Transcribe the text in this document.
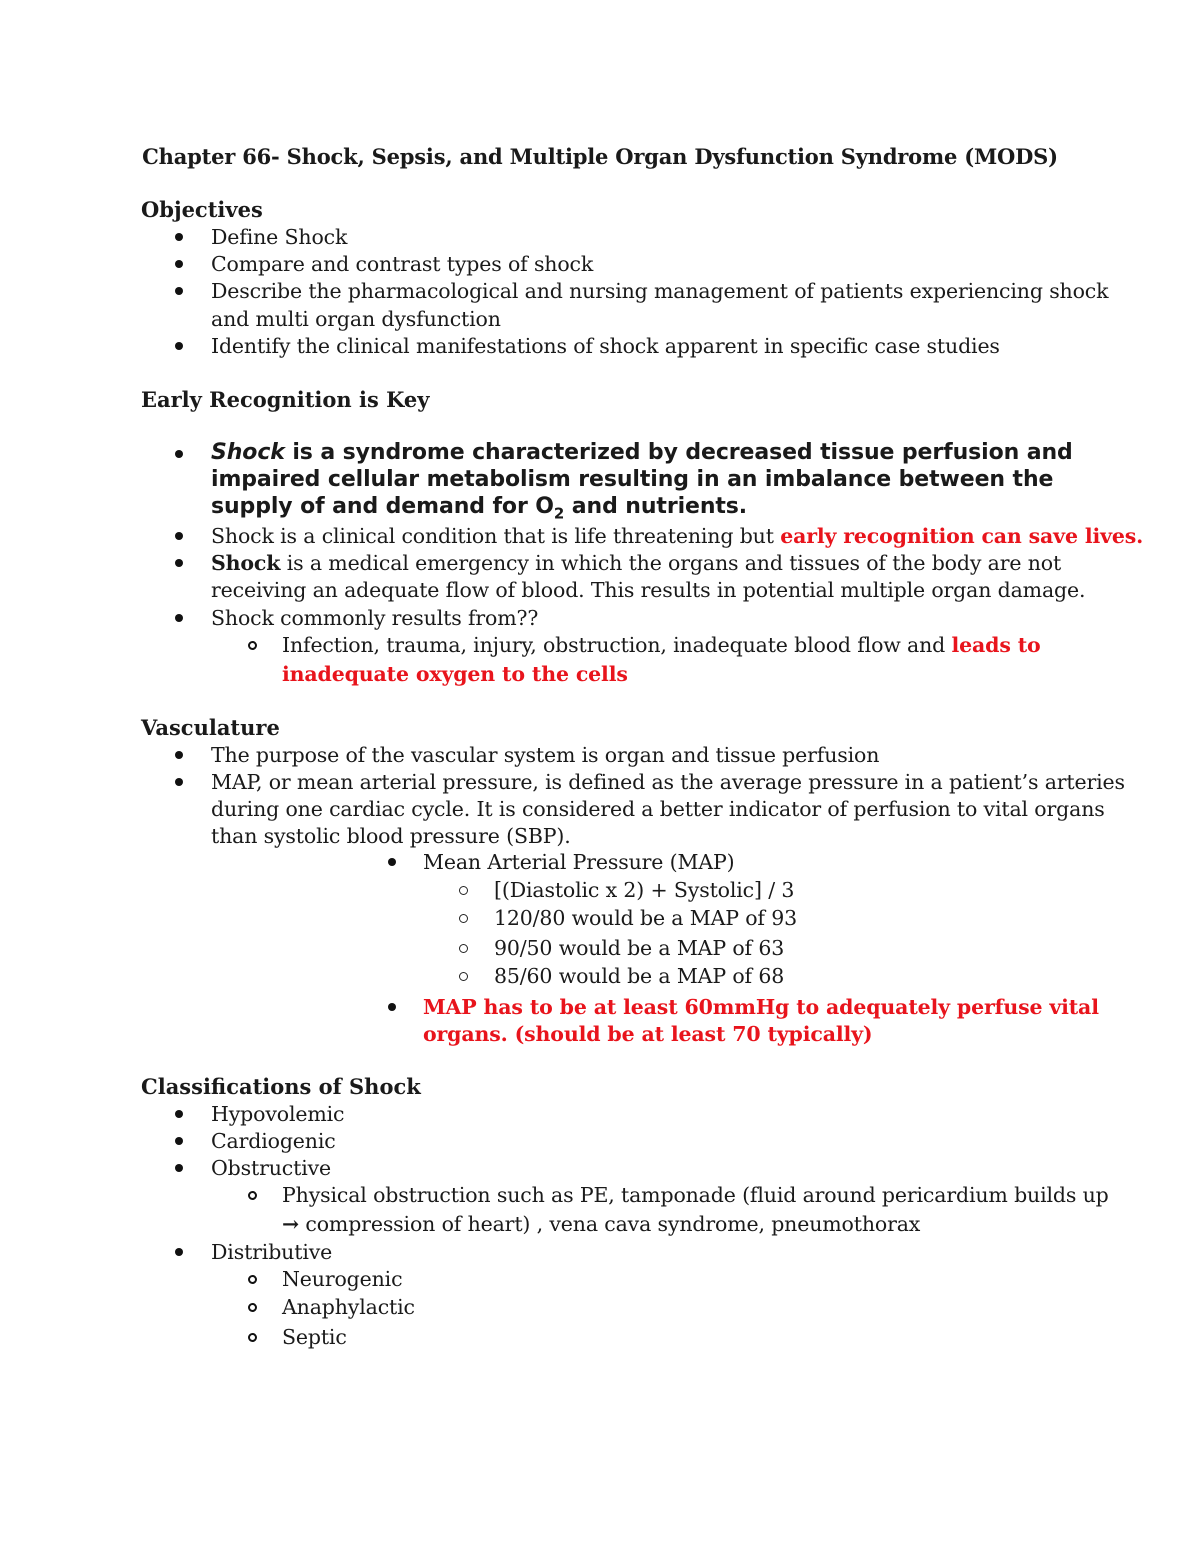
Chapter 66- Shock, Sepsis, and Multiple Organ Dysfunction Syndrome (MODS)
Objectives
Define Shock
Compare and contrast types of shock
Describe the pharmacological and nursing management of patients experiencing shock
and multi organ dysfunction
Identify the clinical manifestations of shock apparent in specific case studies
Early Recognition is Key
Shock is a syndrome characterized by decreased tissue perfusion and
impaired cellular metabolism resulting in an imbalance between the
supply of and demand for $O_2$ and nutrients.
Shock is a clinical condition that is life threatening but early recognition can save lives.
Shock is a medical emergency in which the organs and tissues of the body are not
receiving an adequate flow of blood. This results in potential multiple organ damage.
Shock commonly results from??
Infection, trauma, injury, obstruction, inadequate blood flow and leads to
inadequate oxygen to the cells
Vasculature
The purpose of the vascular system is organ and tissue perfusion
MAP, or mean arterial pressure, is defined as the average pressure in a patient’s arteries
during one cardiac cycle. It is considered a better indicator of perfusion to vital organs
than systolic blood pressure (SBP).
Mean Arterial Pressure (MAP)
[(Diastolic x 2) + Systolic] / 3
120/80 would be a MAP of 93
90/50 would be a MAP of 63
85/60 would be a MAP of 68
MAP has to be at least 60mmHg to adequately perfuse vital
organs. (should be at least 70 typically)
Classifications of Shock
Hypovolemic
Cardiogenic
Obstructive
Physical obstruction such as PE, tamponade (fluid around pericardium builds up
→ compression of heart) , vena cava syndrome, pneumothorax
Distributive
Neurogenic
Anaphylactic
Septic
